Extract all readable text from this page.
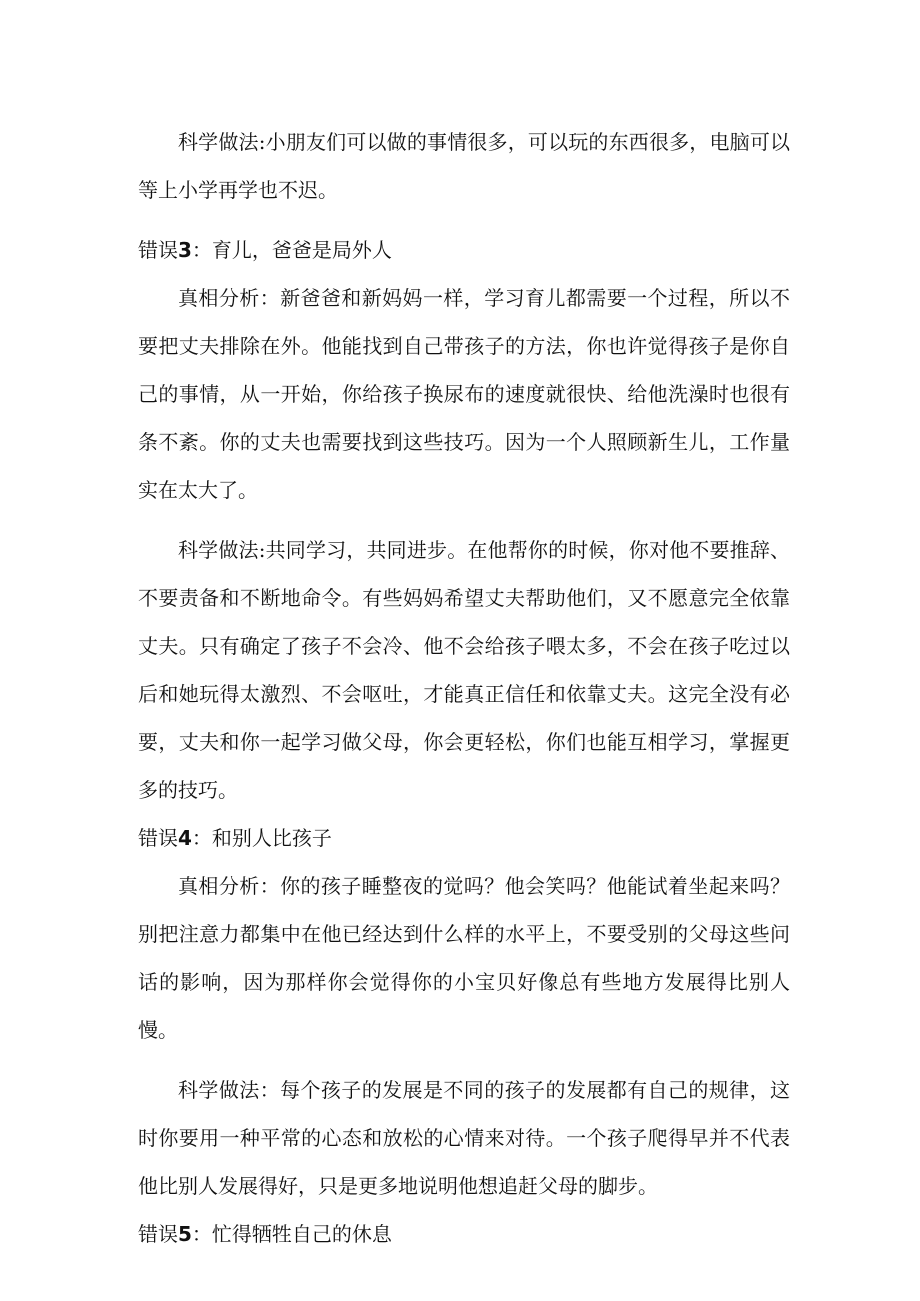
科学做法:小朋友们可以做的事情很多，可以玩的东西很多，电脑可以等上小学再学也不迟。

错误3：育儿，爸爸是局外人

真相分析：新爸爸和新妈妈一样，学习育儿都需要一个过程，所以不要把丈夫排除在外。他能找到自己带孩子的方法，你也许觉得孩子是你自己的事情，从一开始，你给孩子换尿布的速度就很快、给他洗澡时也很有条不紊。你的丈夫也需要找到这些技巧。因为一个人照顾新生儿，工作量实在太大了。

科学做法:共同学习，共同进步。在他帮你的时候，你对他不要推辞、不要责备和不断地命令。有些妈妈希望丈夫帮助他们，又不愿意完全依靠丈夫。只有确定了孩子不会冷、他不会给孩子喂太多，不会在孩子吃过以后和她玩得太激烈、不会呕吐，才能真正信任和依靠丈夫。这完全没有必要，丈夫和你一起学习做父母，你会更轻松，你们也能互相学习，掌握更多的技巧。

错误4：和别人比孩子

真相分析：你的孩子睡整夜的觉吗？他会笑吗？他能试着坐起来吗？别把注意力都集中在他已经达到什么样的水平上，不要受别的父母这些问话的影响，因为那样你会觉得你的小宝贝好像总有些地方发展得比别人慢。

科学做法：每个孩子的发展是不同的孩子的发展都有自己的规律，这时你要用一种平常的心态和放松的心情来对待。一个孩子爬得早并不代表他比别人发展得好，只是更多地说明他想追赶父母的脚步。

错误5：忙得牺牲自己的休息
